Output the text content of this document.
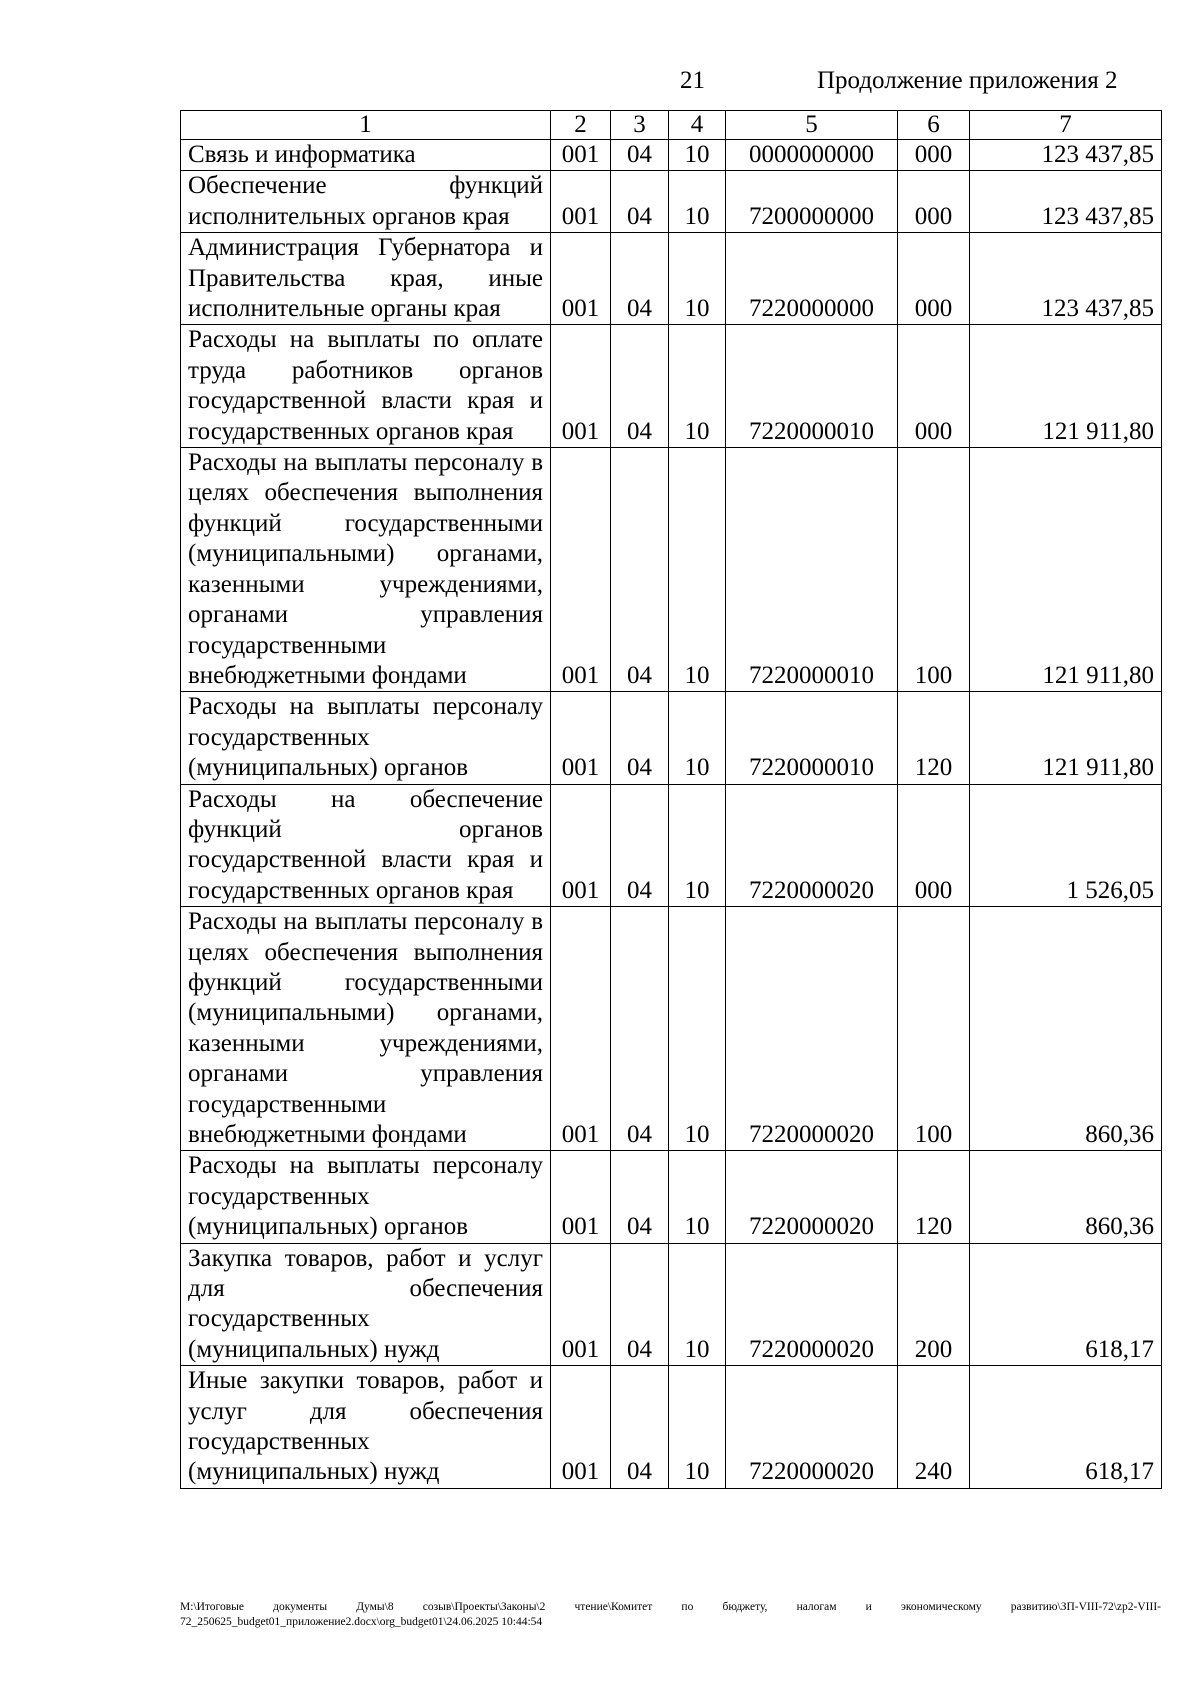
21	Продолжение приложения 2
1	2	3	4	5	6	7
Связь и информатика	001	04	10	0000000000	000	123 437,85
Обеспечение функций исполнительных органов края	001	04	10	7200000000	000	123 437,85
Администрация Губернатора и Правительства края, иные исполнительные органы края	001	04	10	7220000000	000	123 437,85
Расходы на выплаты по оплате труда работников органов государственной власти края и государственных органов края	001	04	10	7220000010	000	121 911,80
Расходы на выплаты персоналу в целях обеспечения выполнения функций государственными (муниципальными) органами, казенными учреждениями, органами управления государственными внебюджетными фондами	001	04	10	7220000010	100	121 911,80
Расходы на выплаты персоналу государственных (муниципальных) органов	001	04	10	7220000010	120	121 911,80
Расходы на обеспечение функций органов государственной власти края и государственных органов края	001	04	10	7220000020	000	1 526,05
Расходы на выплаты персоналу в целях обеспечения выполнения функций государственными (муниципальными) органами, казенными учреждениями, органами управления государственными внебюджетными фондами	001	04	10	7220000020	100	860,36
Расходы на выплаты персоналу государственных (муниципальных) органов	001	04	10	7220000020	120	860,36
Закупка товаров, работ и услуг для обеспечения государственных (муниципальных) нужд	001	04	10	7220000020	200	618,17
Иные закупки товаров, работ и услуг для обеспечения государственных (муниципальных) нужд	001	04	10	7220000020	240	618,17
M:\Итоговые документы Думы\8 созыв\Проекты\Законы\2 чтение\Комитет по бюджету, налогам и экономическому развитию\ЗП-VIII-72\zp2-VIII-72_250625_budget01_приложение2.docx\org_budget01\24.06.2025 10:44:54
